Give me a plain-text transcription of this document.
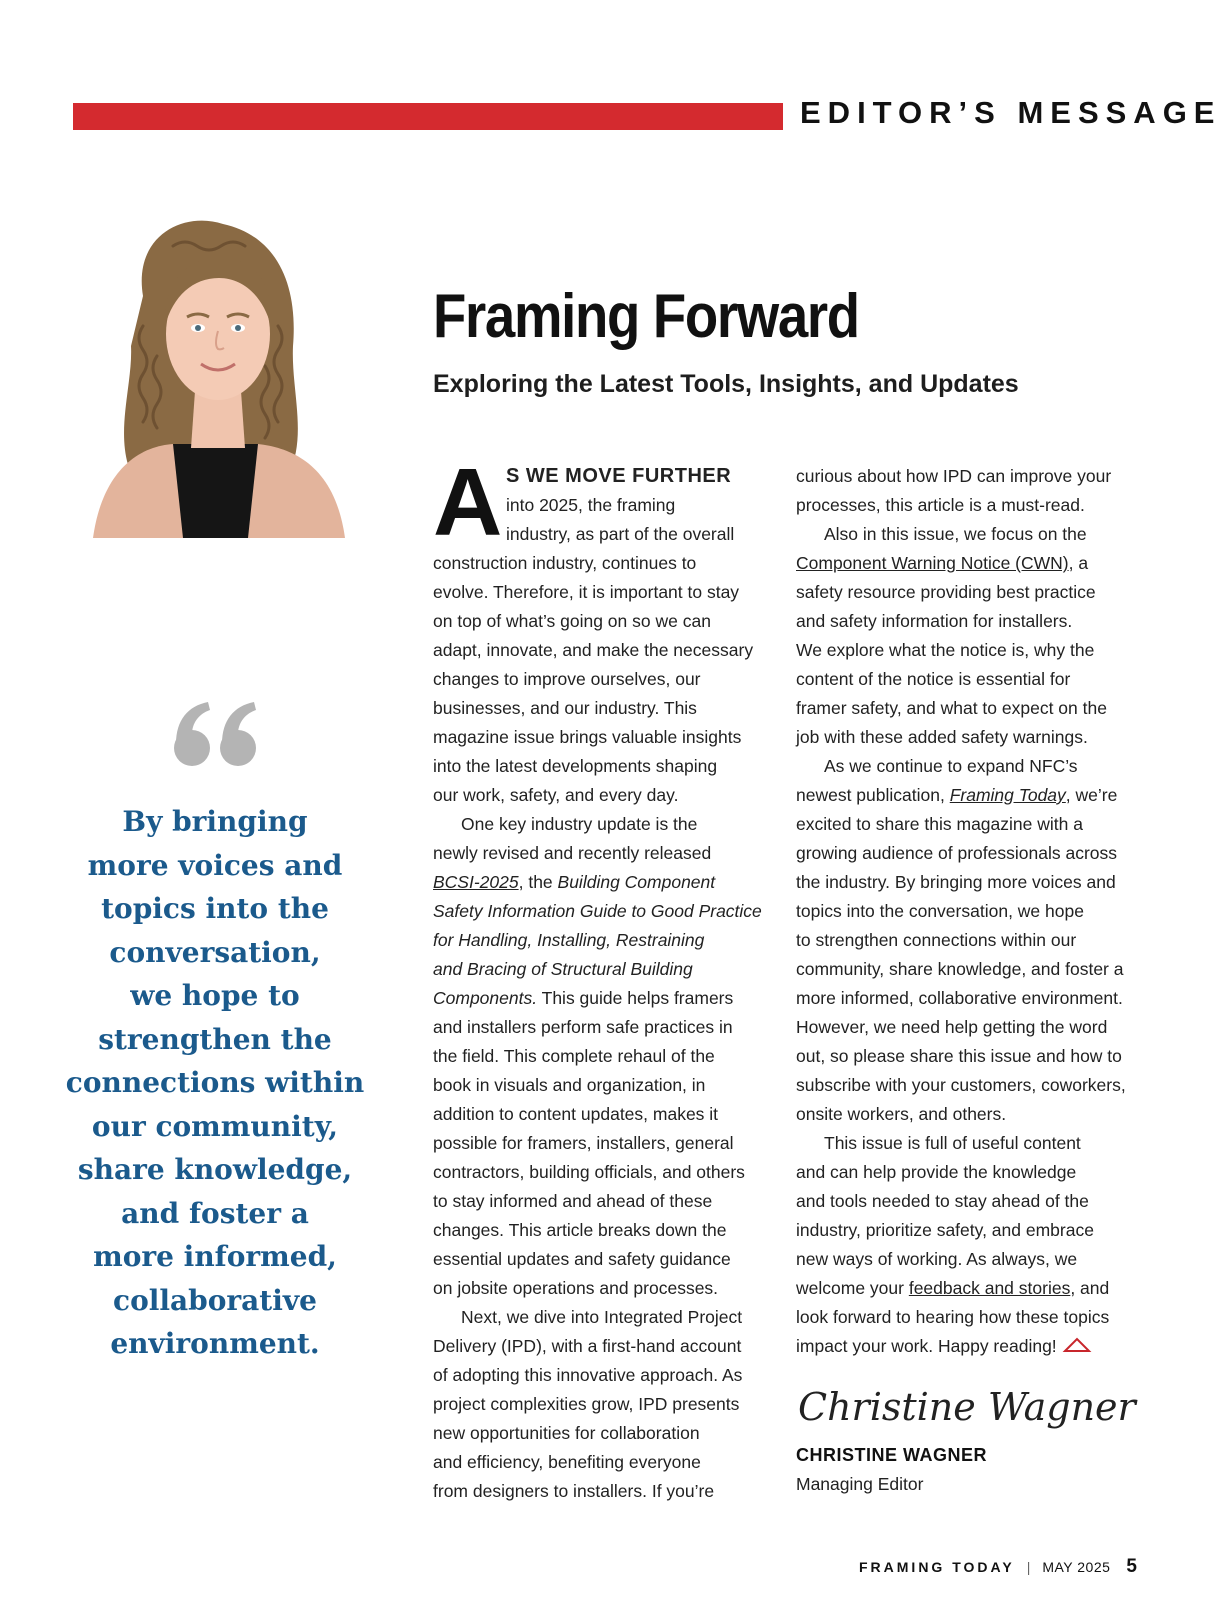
EDITOR’S MESSAGE
By bringing
more voices and
topics into the
conversation,
we hope to
strengthen the
connections within
our community,
share knowledge,
and foster a
more informed,
collaborative
environment.
Framing Forward
Exploring the Latest Tools, Insights, and Updates
A S WE MOVE FURTHER
into 2025, the framing
industry, as part of the overall
construction industry, continues to
evolve. Therefore, it is important to stay
on top of what’s going on so we can
adapt, innovate, and make the necessary
changes to improve ourselves, our
businesses, and our industry. This
magazine issue brings valuable insights
into the latest developments shaping
our work, safety, and every day.
One key industry update is the
newly revised and recently released
BCSI-2025, the Building Component
Safety Information Guide to Good Practice
for Handling, Installing, Restraining
and Bracing of Structural Building
Components. This guide helps framers
and installers perform safe practices in
the field. This complete rehaul of the
book in visuals and organization, in
addition to content updates, makes it
possible for framers, installers, general
contractors, building officials, and others
to stay informed and ahead of these
changes. This article breaks down the
essential updates and safety guidance
on jobsite operations and processes.
Next, we dive into Integrated Project
Delivery (IPD), with a first-hand account
of adopting this innovative approach. As
project complexities grow, IPD presents
new opportunities for collaboration
and efficiency, benefiting everyone
from designers to installers. If you’re
curious about how IPD can improve your
processes, this article is a must-read.
Also in this issue, we focus on the
Component Warning Notice (CWN), a
safety resource providing best practice
and safety information for installers.
We explore what the notice is, why the
content of the notice is essential for
framer safety, and what to expect on the
job with these added safety warnings.
As we continue to expand NFC’s
newest publication, Framing Today, we’re
excited to share this magazine with a
growing audience of professionals across
the industry. By bringing more voices and
topics into the conversation, we hope
to strengthen connections within our
community, share knowledge, and foster a
more informed, collaborative environment.
However, we need help getting the word
out, so please share this issue and how to
subscribe with your customers, coworkers,
onsite workers, and others.
This issue is full of useful content
and can help provide the knowledge
and tools needed to stay ahead of the
industry, prioritize safety, and embrace
new ways of working. As always, we
welcome your feedback and stories, and
look forward to hearing how these topics
impact your work. Happy reading!
Christine Wagner
CHRISTINE WAGNER
Managing Editor
FRAMING TODAY | MAY 2025 5
